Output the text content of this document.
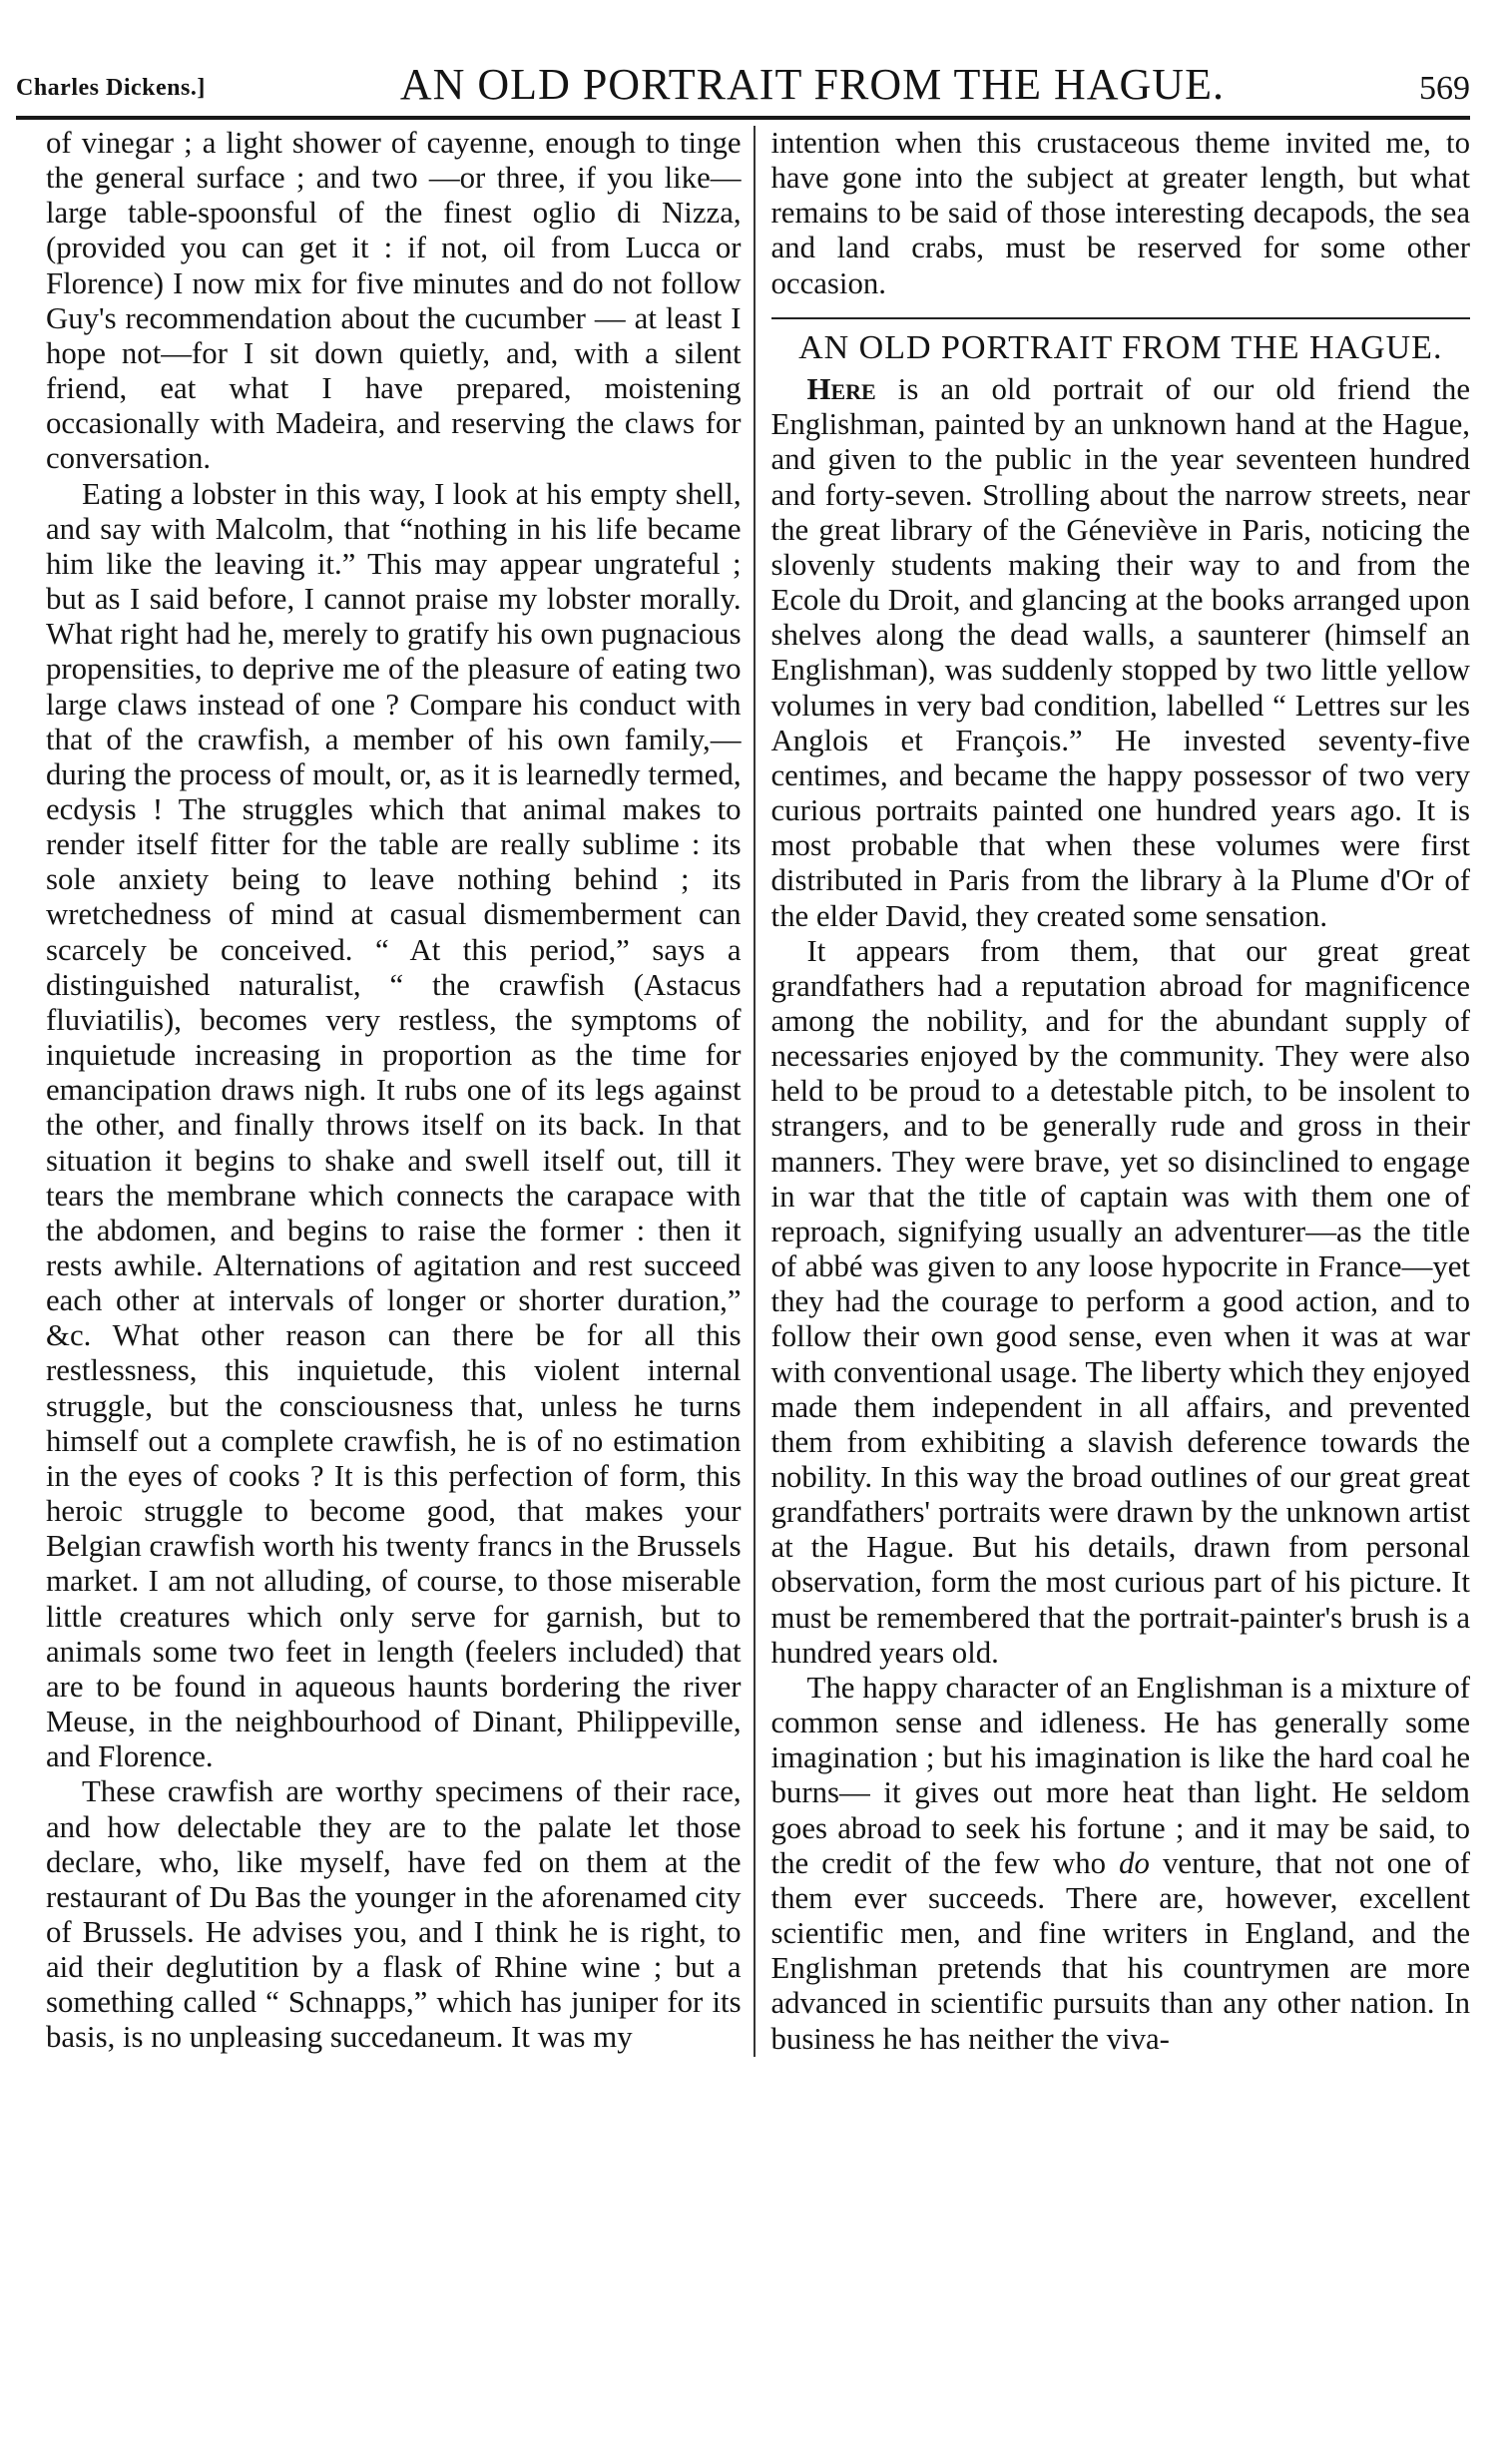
Charles Dickens.]	AN OLD PORTRAIT FROM THE HAGUE.	569

of vinegar ; a light shower of cayenne, enough to tinge the general surface ; and two —or three, if you like—large table-spoonsful of the finest oglio di Nizza, (provided you can get it : if not, oil from Lucca or Florence) I now mix for five minutes and do not follow Guy's recommendation about the cucumber — at least I hope not—for I sit down quietly, and, with a silent friend, eat what I have prepared, moistening occasionally with Madeira, and reserving the claws for conversation.

Eating a lobster in this way, I look at his empty shell, and say with Malcolm, that “nothing in his life became him like the leaving it.” This may appear ungrateful ; but as I said before, I cannot praise my lobster morally. What right had he, merely to gratify his own pugnacious propensities, to deprive me of the pleasure of eating two large claws instead of one ? Compare his conduct with that of the crawfish, a member of his own family,—during the process of moult, or, as it is learnedly termed, ecdysis ! The struggles which that animal makes to render itself fitter for the table are really sublime : its sole anxiety being to leave nothing behind ; its wretchedness of mind at casual dismemberment can scarcely be conceived. “ At this period,” says a distinguished naturalist, “ the crawfish (Astacus fluviatilis), becomes very restless, the symptoms of inquietude increasing in proportion as the time for emancipation draws nigh. It rubs one of its legs against the other, and finally throws itself on its back. In that situation it begins to shake and swell itself out, till it tears the membrane which connects the carapace with the abdomen, and begins to raise the former : then it rests awhile. Alternations of agitation and rest succeed each other at intervals of longer or shorter duration,” &c. What other reason can there be for all this restlessness, this inquietude, this violent internal struggle, but the consciousness that, unless he turns himself out a complete crawfish, he is of no estimation in the eyes of cooks ? It is this perfection of form, this heroic struggle to become good, that makes your Belgian crawfish worth his twenty francs in the Brussels market. I am not alluding, of course, to those miserable little creatures which only serve for garnish, but to animals some two feet in length (feelers included) that are to be found in aqueous haunts bordering the river Meuse, in the neighbourhood of Dinant, Philippeville, and Florence.

These crawfish are worthy specimens of their race, and how delectable they are to the palate let those declare, who, like myself, have fed on them at the restaurant of Du Bas the younger in the aforenamed city of Brussels. He advises you, and I think he is right, to aid their deglutition by a flask of Rhine wine ; but a something called “ Schnapps,” which has juniper for its basis, is no unpleasing succedaneum. It was my

intention when this crustaceous theme invited me, to have gone into the subject at greater length, but what remains to be said of those interesting decapods, the sea and land crabs, must be reserved for some other occasion.

AN OLD PORTRAIT FROM THE HAGUE.

Here is an old portrait of our old friend the Englishman, painted by an unknown hand at the Hague, and given to the public in the year seventeen hundred and forty-seven. Strolling about the narrow streets, near the great library of the Géneviève in Paris, noticing the slovenly students making their way to and from the Ecole du Droit, and glancing at the books arranged upon shelves along the dead walls, a saunterer (himself an Englishman), was suddenly stopped by two little yellow volumes in very bad condition, labelled “ Lettres sur les Anglois et François.” He invested seventy-five centimes, and became the happy possessor of two very curious portraits painted one hundred years ago. It is most probable that when these volumes were first distributed in Paris from the library à la Plume d'Or of the elder David, they created some sensation.

It appears from them, that our great great grandfathers had a reputation abroad for magnificence among the nobility, and for the abundant supply of necessaries enjoyed by the community. They were also held to be proud to a detestable pitch, to be insolent to strangers, and to be generally rude and gross in their manners. They were brave, yet so disinclined to engage in war that the title of captain was with them one of reproach, signifying usually an adventurer—as the title of abbé was given to any loose hypocrite in France—yet they had the courage to perform a good action, and to follow their own good sense, even when it was at war with conventional usage. The liberty which they enjoyed made them independent in all affairs, and prevented them from exhibiting a slavish deference towards the nobility. In this way the broad outlines of our great great grandfathers' portraits were drawn by the unknown artist at the Hague. But his details, drawn from personal observation, form the most curious part of his picture. It must be remembered that the portrait-painter's brush is a hundred years old.

The happy character of an Englishman is a mixture of common sense and idleness. He has generally some imagination ; but his imagination is like the hard coal he burns— it gives out more heat than light. He seldom goes abroad to seek his fortune ; and it may be said, to the credit of the few who do venture, that not one of them ever succeeds. There are, however, excellent scientific men, and fine writers in England, and the Englishman pretends that his countrymen are more advanced in scientific pursuits than any other nation. In business he has neither the viva-
